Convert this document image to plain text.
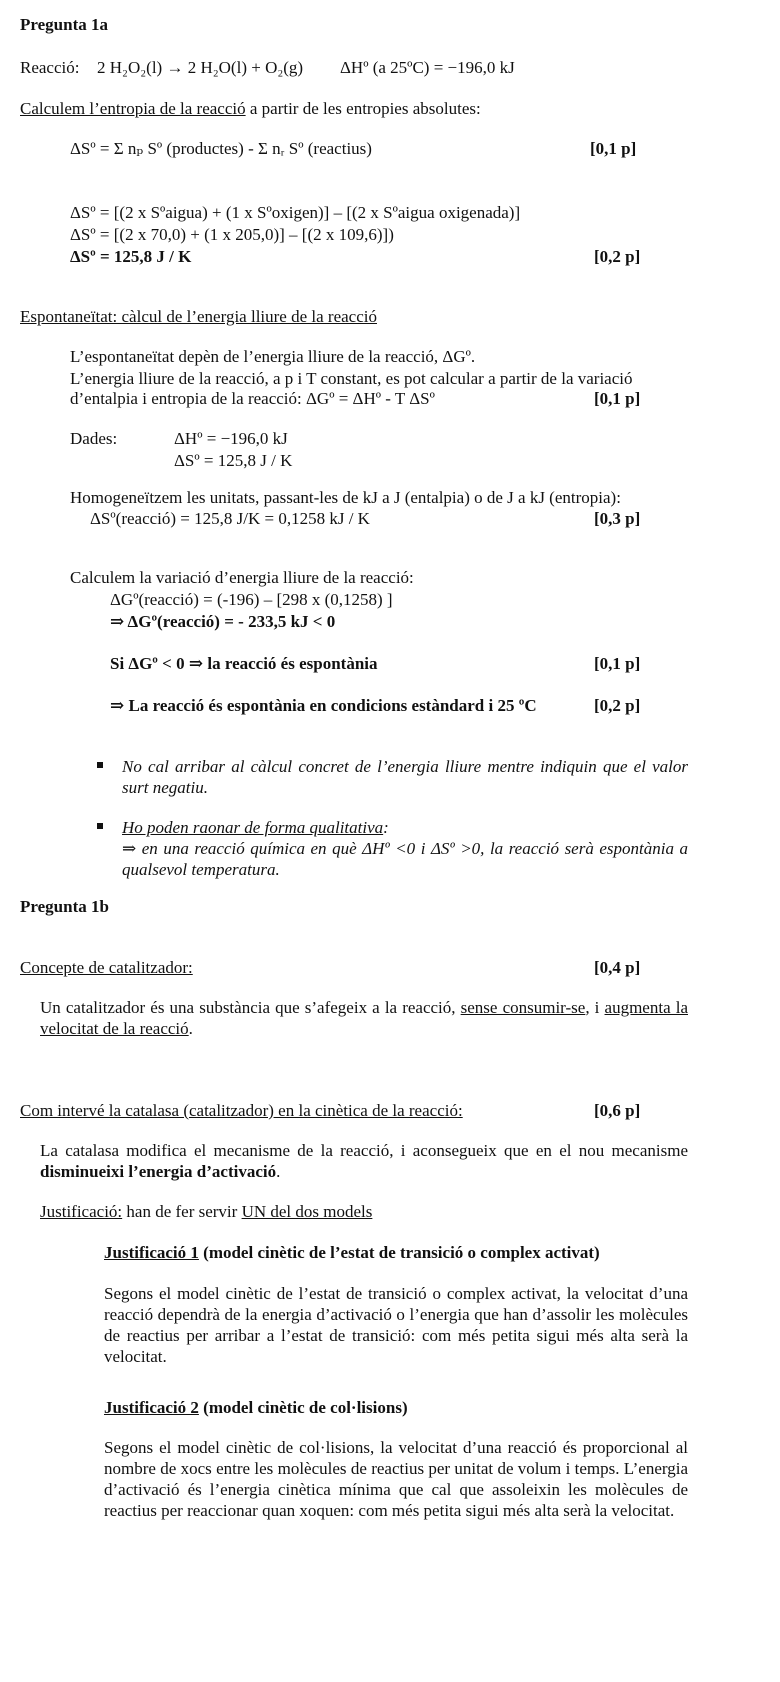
Pregunta 1a
Reacció: 2 H₂O₂(l) → 2 H₂O(l) + O₂(g) ΔHº (a 25ºC) = −196,0 kJ
Calculem l’entropia de la reacció a partir de les entropies absolutes:
ΔSº = Σ nₚ Sº (productes) - Σ nᵣ Sº (reactius)	[0,1 p]
ΔSº = [(2 x Sºaigua) + (1 x Sºoxigen)] – [(2 x Sºaigua oxigenada)]
ΔSº = [(2 x 70,0) + (1 x 205,0)] – [(2 x 109,6)])
ΔSº = 125,8 J / K	[0,2 p]
Espontaneïtat: càlcul de l’energia lliure de la reacció
L’espontaneïtat depèn de l’energia lliure de la reacció, ΔGº.
L’energia lliure de la reacció, a p i T constant, es pot calcular a partir de la variació
d’entalpia i entropia de la reacció: ΔGº = ΔHº - T ΔSº	[0,1 p]
Dades:	ΔHº = −196,0 kJ
ΔSº = 125,8 J / K
Homogeneïtzem les unitats, passant-les de kJ a J (entalpia) o de J a kJ (entropia):
ΔSº(reacció) = 125,8 J/K = 0,1258 kJ / K	[0,3 p]
Calculem la variació d’energia lliure de la reacció:
ΔGº(reacció) = (-196) – [298 x (0,1258) ]
⇒ ΔGº(reacció) = - 233,5 kJ < 0
Si ΔGº < 0 ⇒ la reacció és espontània	[0,1 p]
⇒ La reacció és espontània en condicions estàndard i 25 ºC	[0,2 p]
No cal arribar al càlcul concret de l’energia lliure mentre indiquin que el valor surt negatiu.
Ho poden raonar de forma qualitativa:
⇒ en una reacció química en què ΔHº <0 i ΔSº >0, la reacció serà espontània a qualsevol temperatura.
Pregunta 1b
Concepte de catalitzador:	[0,4 p]
Un catalitzador és una substància que s’afegeix a la reacció, sense consumir-se, i augmenta la velocitat de la reacció.
Com intervé la catalasa (catalitzador) en la cinètica de la reacció:	[0,6 p]
La catalasa modifica el mecanisme de la reacció, i aconsegueix que en el nou mecanisme disminueixi l’energia d’activació.
Justificació: han de fer servir UN del dos models
Justificació 1 (model cinètic de l’estat de transició o complex activat)
Segons el model cinètic de l’estat de transició o complex activat, la velocitat d’una reacció dependrà de la energia d’activació o l’energia que han d’assolir les molècules de reactius per arribar a l’estat de transició: com més petita sigui més alta serà la velocitat.
Justificació 2 (model cinètic de col·lisions)
Segons el model cinètic de col·lisions, la velocitat d’una reacció és proporcional al nombre de xocs entre les molècules de reactius per unitat de volum i temps. L’energia d’activació és l’energia cinètica mínima que cal que assoleixin les molècules de reactius per reaccionar quan xoquen: com més petita sigui més alta serà la velocitat.
